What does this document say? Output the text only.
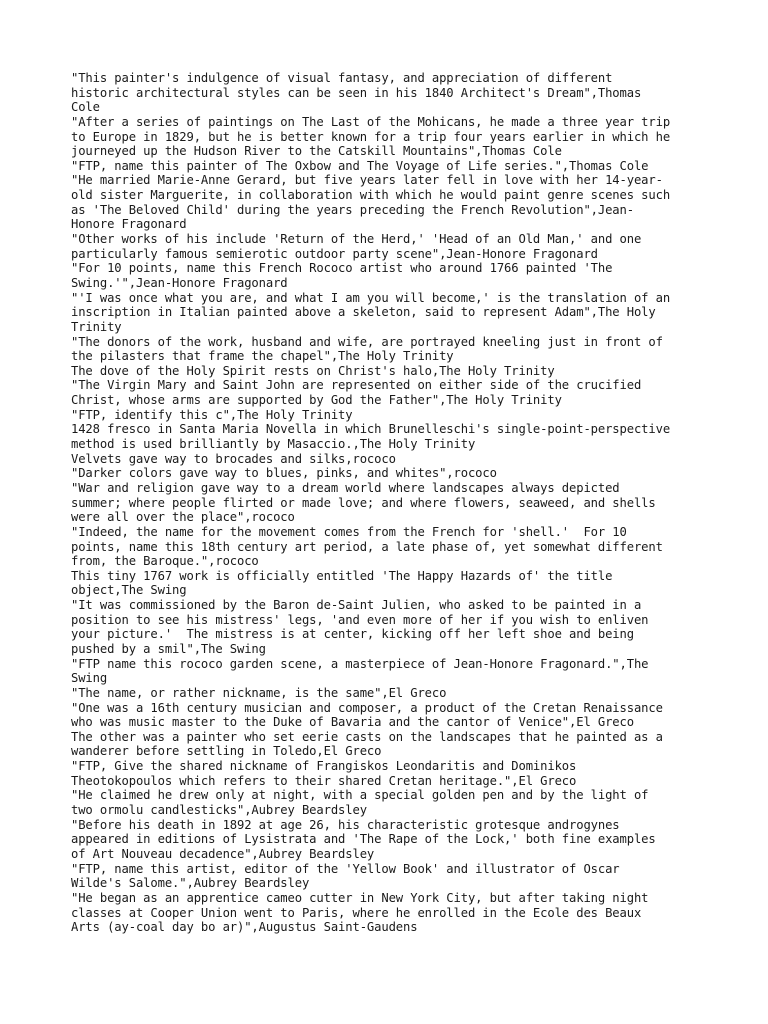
"This painter's indulgence of visual fantasy, and appreciation of different
historic architectural styles can be seen in his 1840 Architect's Dream",Thomas
Cole
"After a series of paintings on The Last of the Mohicans, he made a three year trip
to Europe in 1829, but he is better known for a trip four years earlier in which he
journeyed up the Hudson River to the Catskill Mountains",Thomas Cole
"FTP, name this painter of The Oxbow and The Voyage of Life series.",Thomas Cole
"He married Marie-Anne Gerard, but five years later fell in love with her 14-year-
old sister Marguerite, in collaboration with which he would paint genre scenes such
as 'The Beloved Child' during the years preceding the French Revolution",Jean-
Honore Fragonard
"Other works of his include 'Return of the Herd,' 'Head of an Old Man,' and one
particularly famous semierotic outdoor party scene",Jean-Honore Fragonard
"For 10 points, name this French Rococo artist who around 1766 painted 'The
Swing.'",Jean-Honore Fragonard
"'I was once what you are, and what I am you will become,' is the translation of an
inscription in Italian painted above a skeleton, said to represent Adam",The Holy
Trinity
"The donors of the work, husband and wife, are portrayed kneeling just in front of
the pilasters that frame the chapel",The Holy Trinity
The dove of the Holy Spirit rests on Christ's halo,The Holy Trinity
"The Virgin Mary and Saint John are represented on either side of the crucified
Christ, whose arms are supported by God the Father",The Holy Trinity
"FTP, identify this c",The Holy Trinity
1428 fresco in Santa Maria Novella in which Brunelleschi's single-point-perspective
method is used brilliantly by Masaccio.,The Holy Trinity
Velvets gave way to brocades and silks,rococo
"Darker colors gave way to blues, pinks, and whites",rococo
"War and religion gave way to a dream world where landscapes always depicted
summer; where people flirted or made love; and where flowers, seaweed, and shells
were all over the place",rococo
"Indeed, the name for the movement comes from the French for 'shell.'  For 10
points, name this 18th century art period, a late phase of, yet somewhat different
from, the Baroque.",rococo
This tiny 1767 work is officially entitled 'The Happy Hazards of' the title
object,The Swing
"It was commissioned by the Baron de-Saint Julien, who asked to be painted in a
position to see his mistress' legs, 'and even more of her if you wish to enliven
your picture.'  The mistress is at center, kicking off her left shoe and being
pushed by a smil",The Swing
"FTP name this rococo garden scene, a masterpiece of Jean-Honore Fragonard.",The
Swing
"The name, or rather nickname, is the same",El Greco
"One was a 16th century musician and composer, a product of the Cretan Renaissance
who was music master to the Duke of Bavaria and the cantor of Venice",El Greco
The other was a painter who set eerie casts on the landscapes that he painted as a
wanderer before settling in Toledo,El Greco
"FTP, Give the shared nickname of Frangiskos Leondaritis and Dominikos
Theotokopoulos which refers to their shared Cretan heritage.",El Greco
"He claimed he drew only at night, with a special golden pen and by the light of
two ormolu candlesticks",Aubrey Beardsley
"Before his death in 1892 at age 26, his characteristic grotesque androgynes
appeared in editions of Lysistrata and 'The Rape of the Lock,' both fine examples
of Art Nouveau decadence",Aubrey Beardsley
"FTP, name this artist, editor of the 'Yellow Book' and illustrator of Oscar
Wilde's Salome.",Aubrey Beardsley
"He began as an apprentice cameo cutter in New York City, but after taking night
classes at Cooper Union went to Paris, where he enrolled in the Ecole des Beaux
Arts (ay-coal day bo ar)",Augustus Saint-Gaudens
